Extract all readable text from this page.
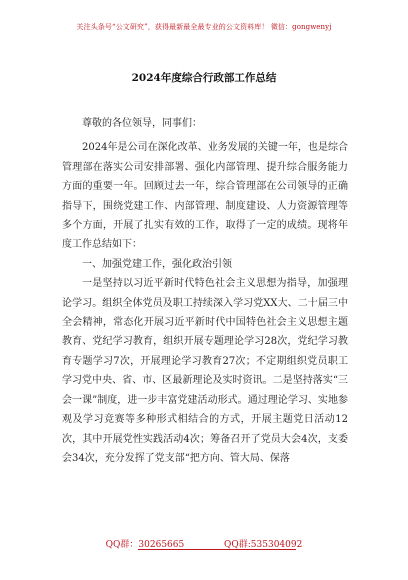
关注头条号“公文研究”，获得最新最全最专业的公文资料库！ 微信：gongwenyj
2024年度综合行政部工作总结

尊敬的各位领导，同事们：

2024年是公司在深化改革、业务发展的关键一年，也是综合管理部在落实公司安排部署、强化内部管理、提升综合服务能力方面的重要一年。回顾过去一年，综合管理部在公司领导的正确指导下，围绕党建工作、内部管理、制度建设、人力资源管理等多个方面，开展了扎实有效的工作，取得了一定的成绩。现将年度工作总结如下：

一、加强党建工作，强化政治引领

一是坚持以习近平新时代特色社会主义思想为指导，加强理论学习。组织全体党员及职工持续深入学习党XX大、二十届三中全会精神，常态化开展习近平新时代中国特色社会主义思想主题教育、党纪学习教育，组织开展专题理论学习28次，党纪学习教育专题学习7次，开展理论学习教育27次；不定期组织党员职工学习党中央、省、市、区最新理论及实时资讯。二是坚持落实“三会一课”制度，进一步丰富党建活动形式。通过理论学习、实地参观及学习竞赛等多种形式相结合的方式，开展主题党日活动12次，其中开展党性实践活动4次；筹备召开了党员大会4次，支委会34次，充分发挥了党支部“把方向、管大局、保落

QQ群：30265665	QQ群:535304092
